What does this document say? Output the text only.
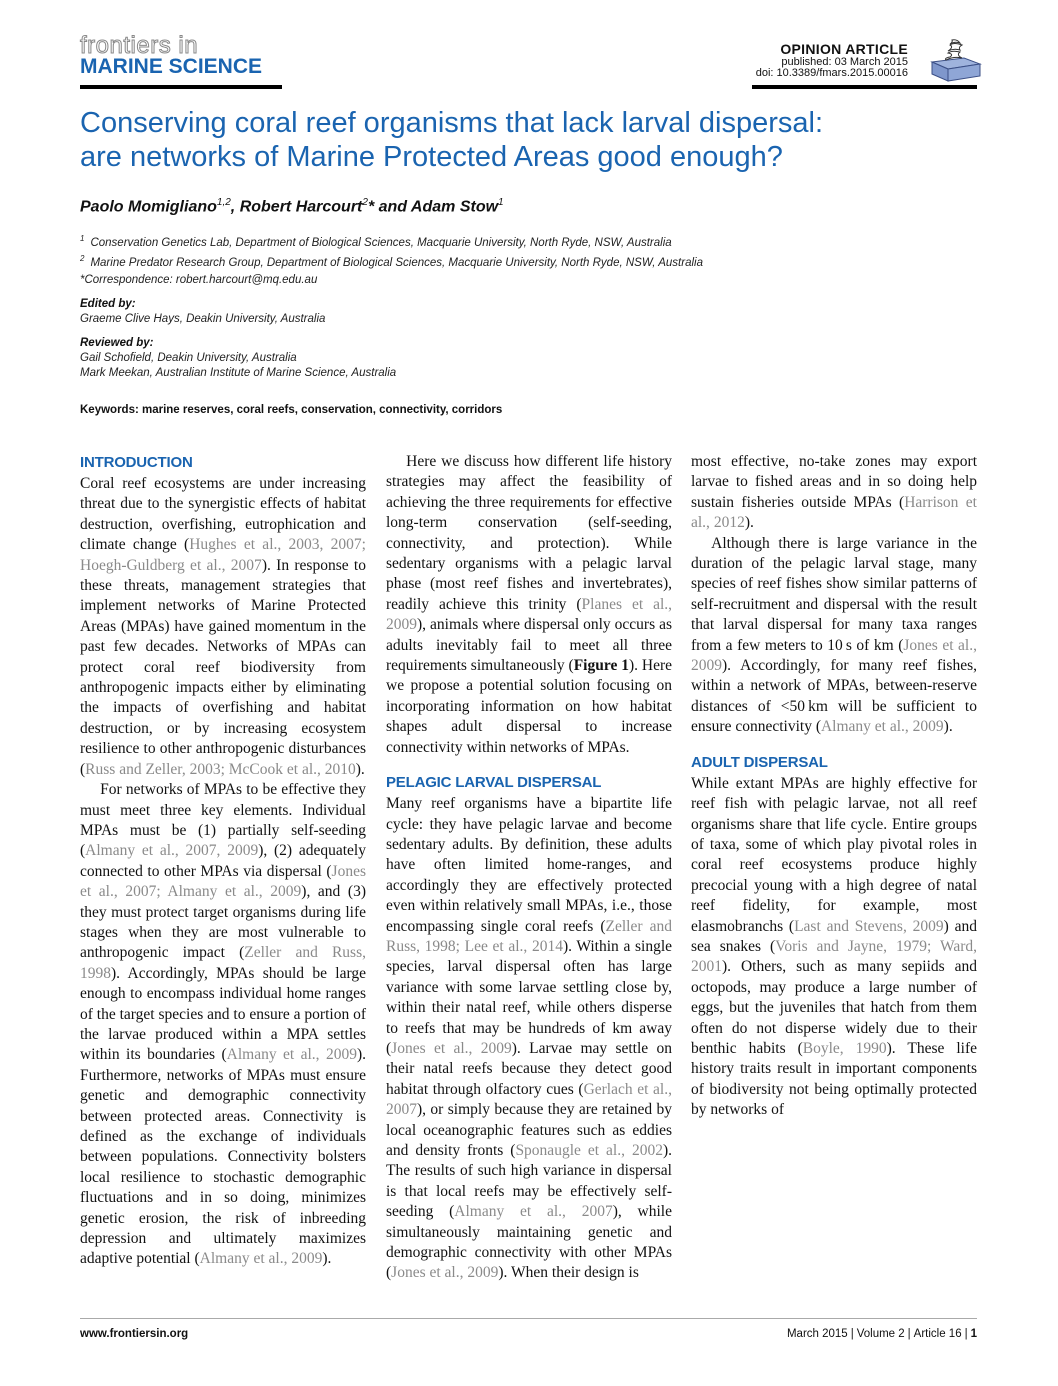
frontiers in
MARINE SCIENCE
OPINION ARTICLE
published: 03 March 2015
doi: 10.3389/fmars.2015.00016
Conserving coral reef organisms that lack larval dispersal:
are networks of Marine Protected Areas good enough?
Paolo Momigliano$^{1,2}$, Robert Harcourt$^2$* and Adam Stow$^1$
$^1$ Conservation Genetics Lab, Department of Biological Sciences, Macquarie University, North Ryde, NSW, Australia
$^2$ Marine Predator Research Group, Department of Biological Sciences, Macquarie University, North Ryde, NSW, Australia
*Correspondence: robert.harcourt@mq.edu.au
Edited by:
Graeme Clive Hays, Deakin University, Australia
Reviewed by:
Gail Schofield, Deakin University, Australia
Mark Meekan, Australian Institute of Marine Science, Australia
Keywords: marine reserves, coral reefs, conservation, connectivity, corridors
INTRODUCTION

Coral reef ecosystems are under increasing threat due to the synergistic effects of habitat destruction, overfishing, eutrophication and climate change (Hughes et al., 2003, 2007; Hoegh-Guldberg et al., 2007). In response to these threats, management strategies that implement networks of Marine Protected Areas (MPAs) have gained momentum in the past few decades. Networks of MPAs can protect coral reef biodiversity from anthropogenic impacts either by eliminating the impacts of overfishing and habitat destruction, or by increasing ecosystem resilience to other anthropogenic disturbances (Russ and Zeller, 2003; McCook et al., 2010).

For networks of MPAs to be effective they must meet three key elements. Individual MPAs must be (1) partially self-seeding (Almany et al., 2007, 2009), (2) adequately connected to other MPAs via dispersal (Jones et al., 2007; Almany et al., 2009), and (3) they must protect target organisms during life stages when they are most vulnerable to anthropogenic impact (Zeller and Russ, 1998). Accordingly, MPAs should be large enough to encompass individual home ranges of the target species and to ensure a portion of the larvae produced within a MPA settles within its boundaries (Almany et al., 2009). Furthermore, networks of MPAs must ensure genetic and demographic connectivity between protected areas. Connectivity is defined as the exchange of individuals between populations. Connectivity bolsters local resilience to stochastic demographic fluctuations and in so doing, minimizes genetic erosion, the risk of inbreeding depression and ultimately maximizes adaptive potential (Almany et al., 2009).

Here we discuss how different life history strategies may affect the feasibility of achieving the three requirements for effective long-term conservation (self-seeding, connectivity, and protection). While sedentary organisms with a pelagic larval phase (most reef fishes and invertebrates), readily achieve this trinity (Planes et al., 2009), animals where dispersal only occurs as adults inevitably fail to meet all three requirements simultaneously (Figure 1). Here we propose a potential solution focusing on incorporating information on how habitat shapes adult dispersal to increase connectivity within networks of MPAs.

PELAGIC LARVAL DISPERSAL

Many reef organisms have a bipartite life cycle: they have pelagic larvae and become sedentary adults. By definition, these adults have often limited home-ranges, and accordingly they are effectively protected even within relatively small MPAs, i.e., those encompassing single coral reefs (Zeller and Russ, 1998; Lee et al., 2014). Within a single species, larval dispersal often has large variance with some larvae settling close by, within their natal reef, while others disperse to reefs that may be hundreds of km away (Jones et al., 2009). Larvae may settle on their natal reefs because they detect good habitat through olfactory cues (Gerlach et al., 2007), or simply because they are retained by local oceanographic features such as eddies and density fronts (Sponaugle et al., 2002). The results of such high variance in dispersal is that local reefs may be effectively self-seeding (Almany et al., 2007), while simultaneously maintaining genetic and demographic connectivity with other MPAs (Jones et al., 2009). When their design is

most effective, no-take zones may export larvae to fished areas and in so doing help sustain fisheries outside MPAs (Harrison et al., 2012).

Although there is large variance in the duration of the pelagic larval stage, many species of reef fishes show similar patterns of self-recruitment and dispersal with the result that larval dispersal for many taxa ranges from a few meters to 10 s of km (Jones et al., 2009). Accordingly, for many reef fishes, within a network of MPAs, between-reserve distances of <50 km will be sufficient to ensure connectivity (Almany et al., 2009).

ADULT DISPERSAL

While extant MPAs are highly effective for reef fish with pelagic larvae, not all reef organisms share that life cycle. Entire groups of taxa, some of which play pivotal roles in coral reef ecosystems produce highly precocial young with a high degree of natal reef fidelity, for example, most elasmobranchs (Last and Stevens, 2009) and sea snakes (Voris and Jayne, 1979; Ward, 2001). Others, such as many sepiids and octopods, may produce a large number of eggs, but the juveniles that hatch from them often do not disperse widely due to their benthic habits (Boyle, 1990). These life history traits result in important components of biodiversity not being optimally protected by networks of

www.frontiersin.org	March 2015 | Volume 2 | Article 16 | 1
